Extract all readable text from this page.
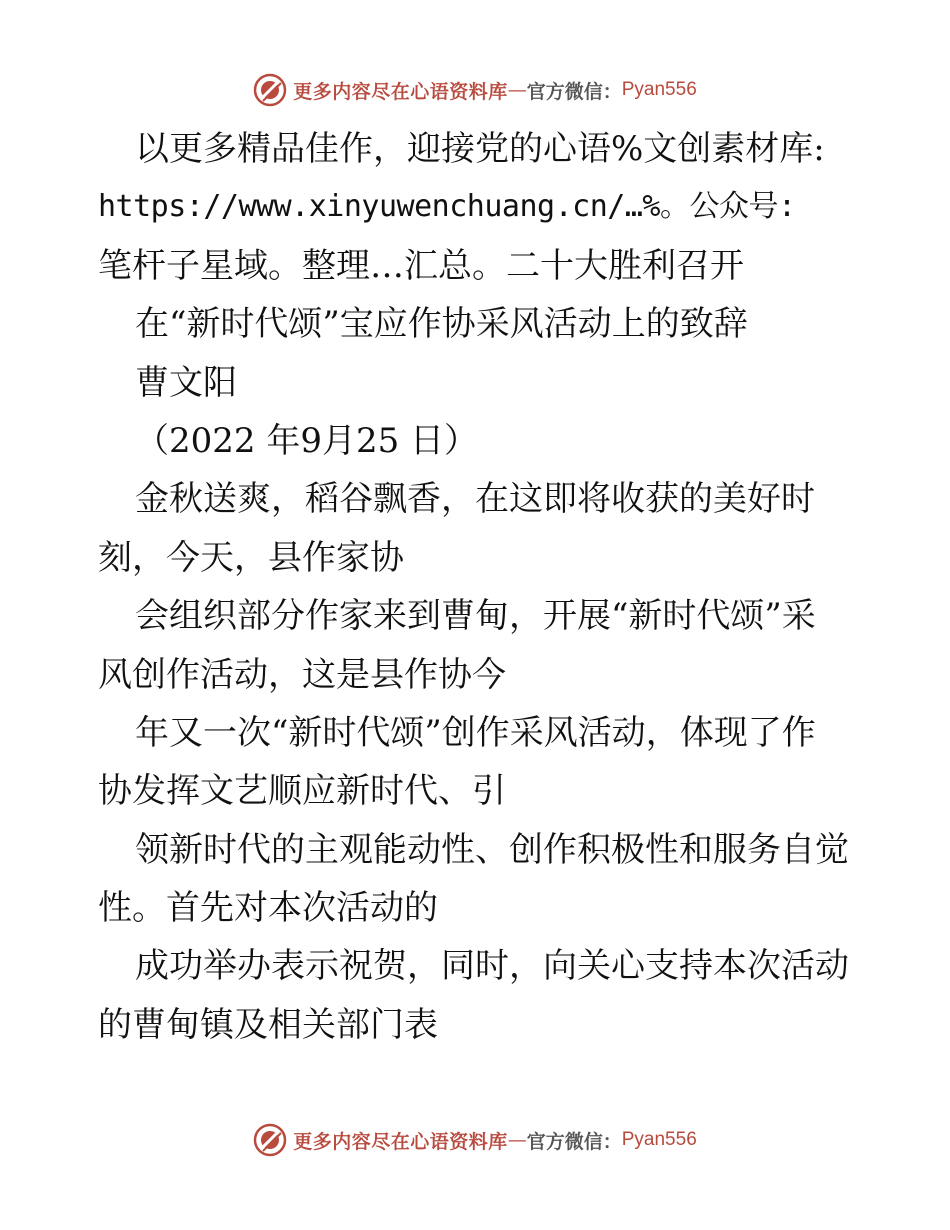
更多内容尽在心语资料库 — 官方微信： Pyan556
以更多精品佳作，迎接党的心语%文创素材库:
https://www.xinyuwenchuang.cn/…%。公众号:
笔杆子星域。整理…汇总。二十大胜利召开
在“新时代颂”宝应作协采风活动上的致辞
曹文阳
（2022 年9月25 日）
金秋送爽，稻谷飘香，在这即将收获的美好时
刻，今天，县作家协
会组织部分作家来到曹甸，开展“新时代颂”采
风创作活动，这是县作协今
年又一次“新时代颂”创作采风活动，体现了作
协发挥文艺顺应新时代、引
领新时代的主观能动性、创作积极性和服务自觉
性。首先对本次活动的
成功举办表示祝贺，同时，向关心支持本次活动
的曹甸镇及相关部门表
更多内容尽在心语资料库 — 官方微信： Pyan556
